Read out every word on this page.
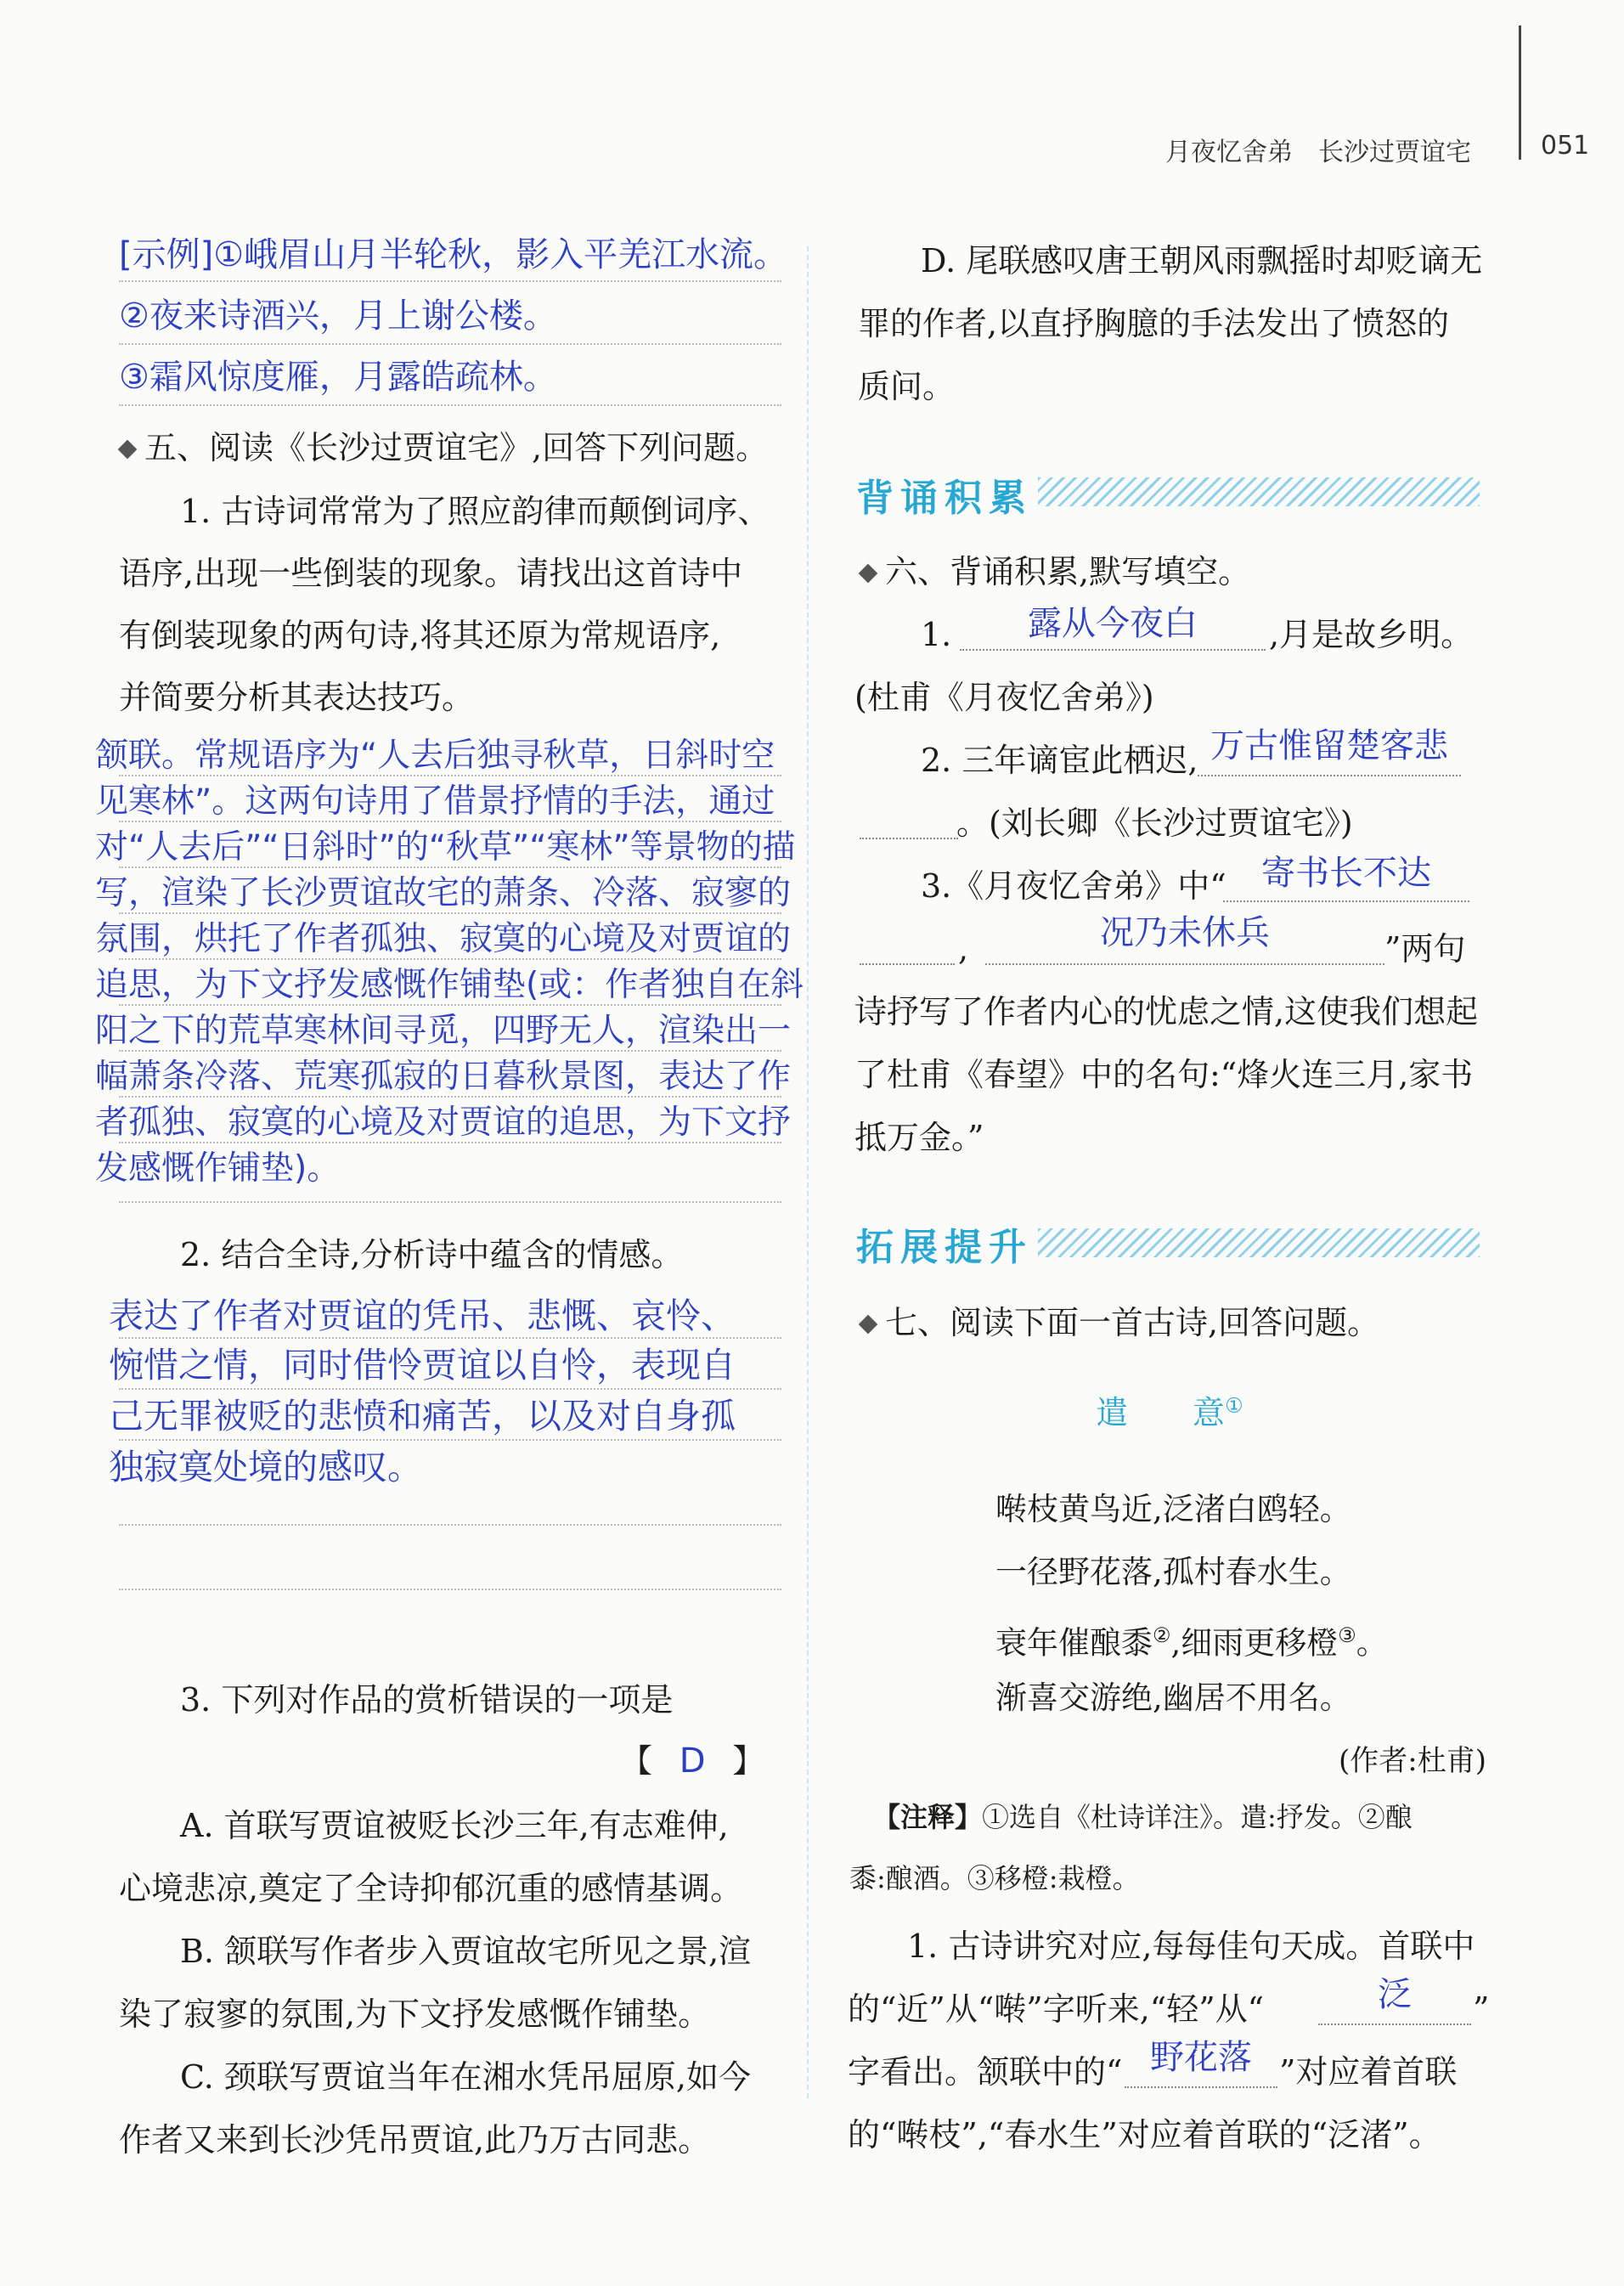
月夜忆舍弟　长沙过贾谊宅	051
[示例]①峨眉山月半轮秋，影入平羌江水流。
②夜来诗酒兴，月上谢公楼。
③霜风惊度雁，月露皓疏林。
五、阅读《长沙过贾谊宅》,回答下列问题。
1. 古诗词常常为了照应韵律而颠倒词序、
语序,出现一些倒装的现象。请找出这首诗中
有倒装现象的两句诗,将其还原为常规语序,
并简要分析其表达技巧。
颔联。常规语序为“人去后独寻秋草，日斜时空
见寒林”。这两句诗用了借景抒情的手法，通过
对“人去后”“日斜时”的“秋草”“寒林”等景物的描
写，渲染了长沙贾谊故宅的萧条、冷落、寂寥的
氛围，烘托了作者孤独、寂寞的心境及对贾谊的
追思，为下文抒发感慨作铺垫(或：作者独自在斜
阳之下的荒草寒林间寻觅，四野无人，渲染出一
幅萧条冷落、荒寒孤寂的日暮秋景图，表达了作
者孤独、寂寞的心境及对贾谊的追思，为下文抒
发感慨作铺垫)。
2. 结合全诗,分析诗中蕴含的情感。
表达了作者对贾谊的凭吊、悲慨、哀怜、
惋惜之情，同时借怜贾谊以自怜，表现自
己无罪被贬的悲愤和痛苦，以及对自身孤
独寂寞处境的感叹。
3. 下列对作品的赏析错误的一项是
【 D 】
A. 首联写贾谊被贬长沙三年,有志难伸,
心境悲凉,奠定了全诗抑郁沉重的感情基调。
B. 颔联写作者步入贾谊故宅所见之景,渲
染了寂寥的氛围,为下文抒发感慨作铺垫。
C. 颈联写贾谊当年在湘水凭吊屈原,如今
作者又来到长沙凭吊贾谊,此乃万古同悲。
D. 尾联感叹唐王朝风雨飘摇时却贬谪无
罪的作者,以直抒胸臆的手法发出了愤怒的
质问。
背诵积累
六、背诵积累,默写填空。
1.	露从今夜白	,月是故乡明。
(杜甫《月夜忆舍弟》)
2. 三年谪宦此栖迟, 万古惟留楚客悲
。(刘长卿《长沙过贾谊宅》)
3.《月夜忆舍弟》中“	寄书长不达
,	况乃未休兵	”两句
诗抒写了作者内心的忧虑之情,这使我们想起
了杜甫《春望》中的名句:“烽火连三月,家书
抵万金。”
拓展提升
七、阅读下面一首古诗,回答问题。
遣　　意①
啭枝黄鸟近,泛渚白鸥轻。
一径野花落,孤村春水生。
衰年催酿黍②,细雨更移橙③。
渐喜交游绝,幽居不用名。
(作者:杜甫)
【注释】①选自《杜诗详注》。遣:抒发。②酿
黍:酿酒。③移橙:栽橙。
1. 古诗讲究对应,每每佳句天成。首联中
的“近”从“啭”字听来,“轻”从“	泛	”
字看出。颔联中的“ 野花落 ”对应着首联
的“啭枝”,“春水生”对应着首联的“泛渚”。
